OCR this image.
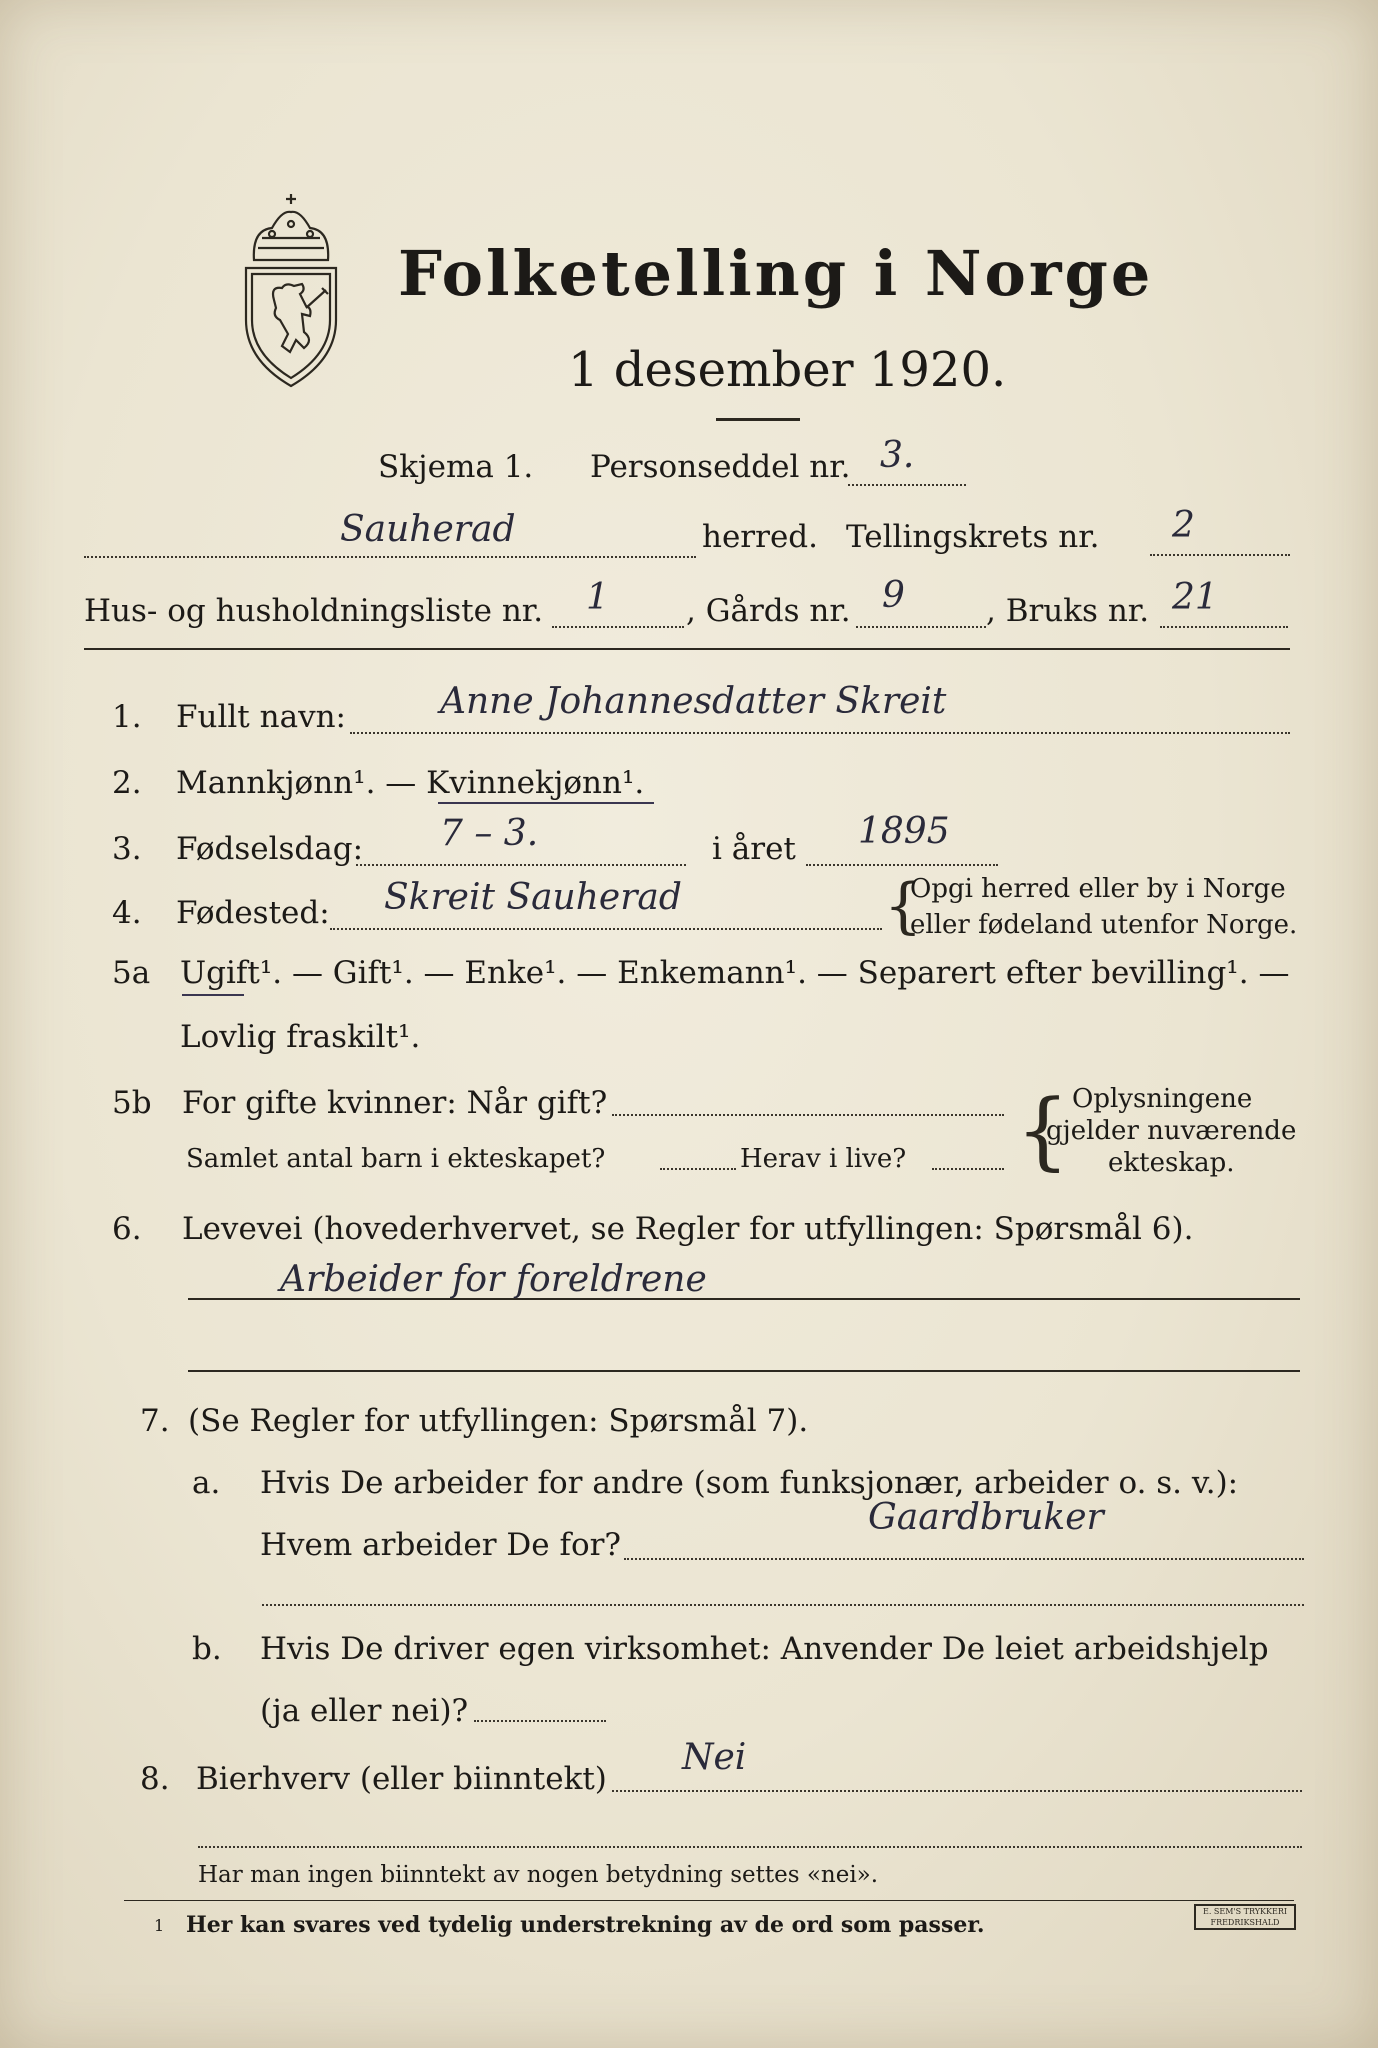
Folketelling i Norge
1 desember 1920.
Skjema 1. Personseddel nr. 3.
Sauherad	herred. Tellingskrets nr. 2
Hus- og husholdningsliste nr. 1 , Gårds nr. 9	, Bruks nr. 21
1. Fullt navn:	Anne Johannesdatter Skreit
2. Mannkjønn¹. — Kvinnekjønn¹.
3. Fødselsdag: 7 – 3.	i året 1895
4. Fødested: Skreit Sauherad	{
Opgi herred eller by i Norge
eller fødeland utenfor Norge.
5a Ugift¹. — Gift¹. — Enke¹. — Enkemann¹. — Separert efter bevilling¹. —
Lovlig fraskilt¹.
5b For gifte kvinner: Når gift?
Samlet antal barn i ekteskapet?	Herav i live? { Oplysningene
gjelder nuværende
ekteskap.
6. Levevei (hovederhvervet, se Regler for utfyllingen: Spørsmål 6).
Arbeider for foreldrene
7. (Se Regler for utfyllingen: Spørsmål 7).
a. Hvis De arbeider for andre (som funksjonær, arbeider o. s. v.):
Hvem arbeider De for?
Gaardbruker
b. Hvis De driver egen virksomhet: Anvender De leiet arbeidshjelp
(ja eller nei)?
8. Bierhverv (eller biinntekt)
Nei
Har man ingen biinntekt av nogen betydning settes «nei».
1 Her kan svares ved tydelig understrekning av de ord som passer.
E. SEM'S TRYKKERI
FREDRIKSHALD
